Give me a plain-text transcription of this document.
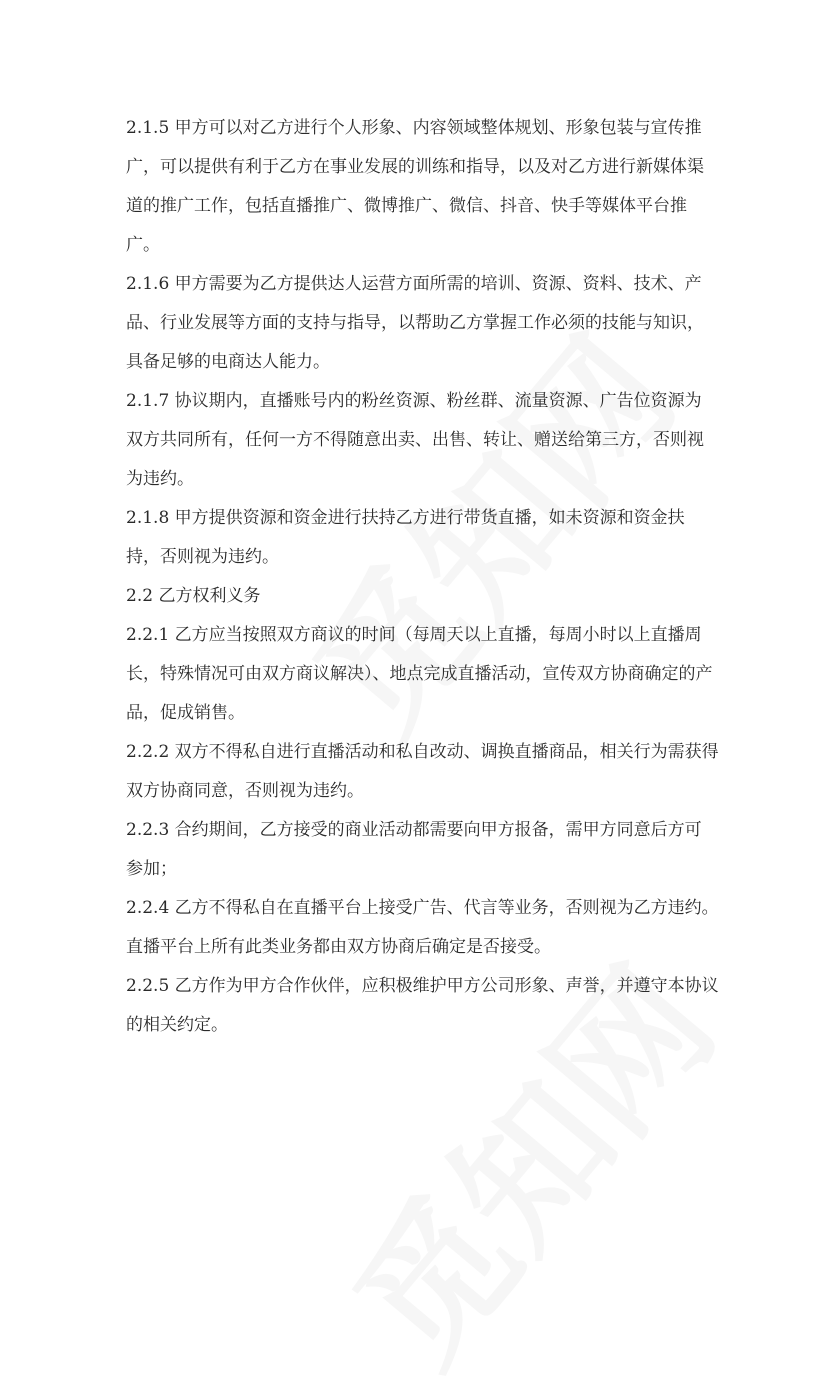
2.1.5 甲方可以对乙方进行个人形象、内容领域整体规划、形象包装与宣传推
广，可以提供有利于乙方在事业发展的训练和指导，以及对乙方进行新媒体渠
道的推广工作，包括直播推广、微博推广、微信、抖音、快手等媒体平台推
广。
2.1.6 甲方需要为乙方提供达人运营方面所需的培训、资源、资料、技术、产
品、行业发展等方面的支持与指导，以帮助乙方掌握工作必须的技能与知识，
具备足够的电商达人能力。
2.1.7 协议期内，直播账号内的粉丝资源、粉丝群、流量资源、广告位资源为
双方共同所有，任何一方不得随意出卖、出售、转让、赠送给第三方，否则视
为违约。
2.1.8 甲方提供资源和资金进行扶持乙方进行带货直播，如未资源和资金扶
持，否则视为违约。
2.2 乙方权利义务
2.2.1 乙方应当按照双方商议的时间（每周天以上直播，每周小时以上直播周
长，特殊情况可由双方商议解决）、地点完成直播活动，宣传双方协商确定的产
品，促成销售。
2.2.2 双方不得私自进行直播活动和私自改动、调换直播商品，相关行为需获得
双方协商同意，否则视为违约。
2.2.3 合约期间，乙方接受的商业活动都需要向甲方报备，需甲方同意后方可
参加；
2.2.4 乙方不得私自在直播平台上接受广告、代言等业务，否则视为乙方违约。
直播平台上所有此类业务都由双方协商后确定是否接受。
2.2.5 乙方作为甲方合作伙伴，应积极维护甲方公司形象、声誉，并遵守本协议
的相关约定。
